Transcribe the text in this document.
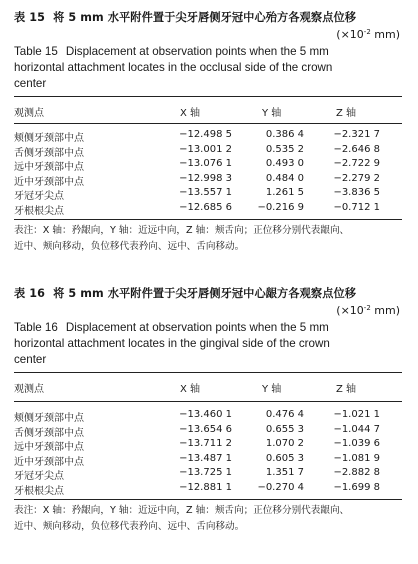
表 15 将 5 mm 水平附件置于尖牙唇侧牙冠中心殆方各观察点位移
($\times 10^{-2}$ mm)
Table 15 Displacement at observation points when the 5 mm
horizontal attachment locates in the occlusal side of the crown
center
观测点	X 轴	Y 轴	Z 轴
颊侧牙颈部中点	−12.498 5	0.386 4	−2.321 7
舌侧牙颈部中点	−13.001 2	0.535 2	−2.646 8
远中牙颈部中点	−13.076 1	0.493 0	−2.722 9
近中牙颈部中点	−12.998 3	0.484 0	−2.279 2
牙冠牙尖点	−13.557 1	1.261 5	−3.836 5
牙根根尖点	−12.685 6	−0.216 9	−0.712 1
表注：X 轴：矜龈向，Y 轴：近远中向，Z 轴：颊舌向；正位移分别代表龈向、
近中、颊向移动，负位移代表矜向、远中、舌向移动。
表 16 将 5 mm 水平附件置于尖牙唇侧牙冠中心龈方各观察点位移
($\times 10^{-2}$ mm)
Table 16 Displacement at observation points when the 5 mm
horizontal attachment locates in the gingival side of the crown
center
观测点	X 轴	Y 轴	Z 轴
颊侧牙颈部中点	−13.460 1	0.476 4	−1.021 1
舌侧牙颈部中点	−13.654 6	0.655 3	−1.044 7
远中牙颈部中点	−13.711 2	1.070 2	−1.039 6
近中牙颈部中点	−13.487 1	0.605 3	−1.081 9
牙冠牙尖点	−13.725 1	1.351 7	−2.882 8
牙根根尖点	−12.881 1	−0.270 4	−1.699 8
表注：X 轴：矜龈向，Y 轴：近远中向，Z 轴：颊舌向；正位移分别代表龈向、
近中、颊向移动，负位移代表矜向、远中、舌向移动。
